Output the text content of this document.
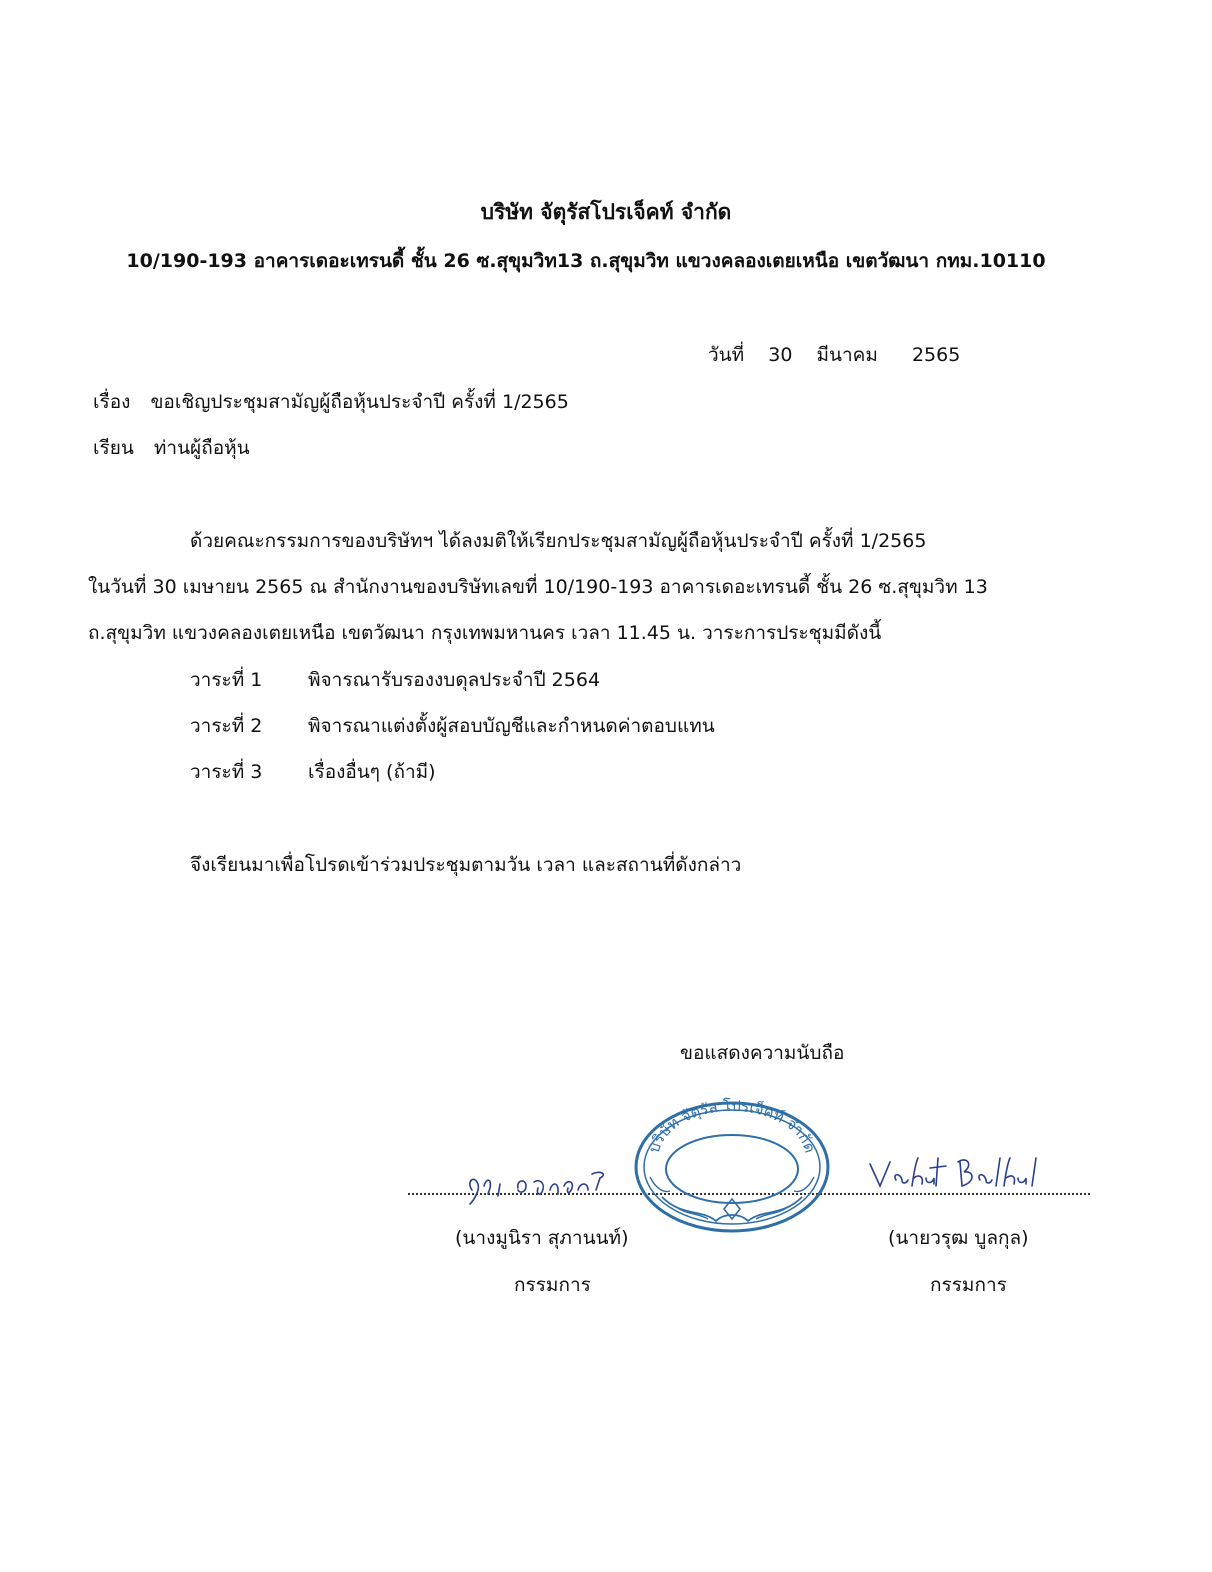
บริษัท จัตุรัสโปรเจ็คท์ จำกัด
10/190-193 อาคารเดอะเทรนดี้ ชั้น 26 ซ.สุขุมวิท13 ถ.สุขุมวิท แขวงคลองเตยเหนือ เขตวัฒนา กทม.10110
วันที่ 30 มีนาคม 2565
เรื่อง ขอเชิญประชุมสามัญผู้ถือหุ้นประจำปี ครั้งที่ 1/2565
เรียน ท่านผู้ถือหุ้น
ด้วยคณะกรรมการของบริษัทฯ ได้ลงมติให้เรียกประชุมสามัญผู้ถือหุ้นประจำปี ครั้งที่ 1/2565
ในวันที่ 30 เมษายน 2565 ณ สำนักงานของบริษัทเลขที่ 10/190-193 อาคารเดอะเทรนดี้ ชั้น 26 ซ.สุขุมวิท 13
ถ.สุขุมวิท แขวงคลองเตยเหนือ เขตวัฒนา กรุงเทพมหานคร เวลา 11.45 น. วาระการประชุมมีดังนี้
วาระที่ 1 พิจารณารับรองงบดุลประจำปี 2564
วาระที่ 2 พิจารณาแต่งตั้งผู้สอบบัญชีและกำหนดค่าตอบแทน
วาระที่ 3 เรื่องอื่นๆ (ถ้ามี)
จึงเรียนมาเพื่อโปรดเข้าร่วมประชุมตามวัน เวลา และสถานที่ดังกล่าว
ขอแสดงความนับถือ
บริษัท จัตุรัส โปรเจ็คท์ จำกัด
(นางมูนิรา สุภานนท์)	(นายวรุฒ บูลกุล)
กรรมการ	กรรมการ
